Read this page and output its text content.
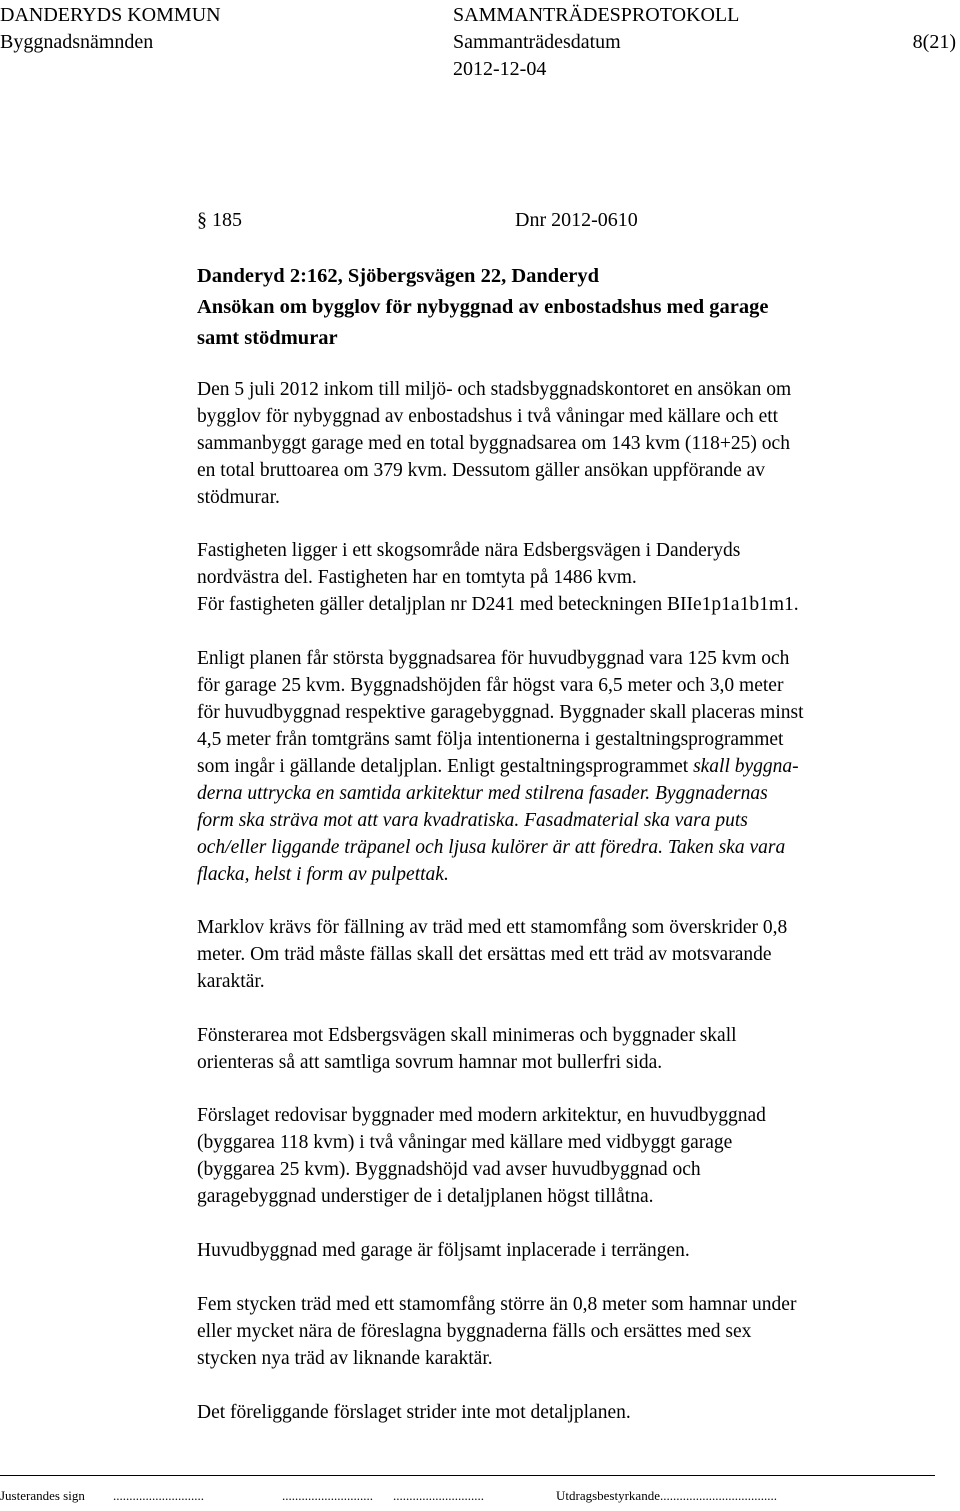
DANDERYDS KOMMUN
Byggnadsnämnden
SAMMANTRÄDESPROTOKOLL
Sammanträdesdatum
2012-12-04
8(21)
§ 185	Dnr 2012-0610
Danderyd 2:162, Sjöbergsvägen 22, Danderyd
Ansökan om bygglov för nybyggnad av enbostadshus med garage
samt stödmurar
Den 5 juli 2012 inkom till miljö- och stadsbyggnadskontoret en ansökan om
bygglov för nybyggnad av enbostadshus i två våningar med källare och ett
sammanbyggt garage med en total byggnadsarea om 143 kvm (118+25) och
en total bruttoarea om 379 kvm. Dessutom gäller ansökan uppförande av
stödmurar.
Fastigheten ligger i ett skogsområde nära Edsbergsvägen i Danderyds
nordvästra del. Fastigheten har en tomtyta på 1486 kvm.
För fastigheten gäller detaljplan nr D241 med beteckningen BIIe1p1a1b1m1.
Enligt planen får största byggnadsarea för huvudbyggnad vara 125 kvm och
för garage 25 kvm. Byggnadshöjden får högst vara 6,5 meter och 3,0 meter
för huvudbyggnad respektive garagebyggnad. Byggnader skall placeras minst
4,5 meter från tomtgräns samt följa intentionerna i gestaltningsprogrammet
som ingår i gällande detaljplan. Enligt gestaltningsprogrammet skall byggna-
derna uttrycka en samtida arkitektur med stilrena fasader. Byggnadernas
form ska sträva mot att vara kvadratiska. Fasadmaterial ska vara puts
och/eller liggande träpanel och ljusa kulörer är att föredra. Taken ska vara
flacka, helst i form av pulpettak.
Marklov krävs för fällning av träd med ett stamomfång som överskrider 0,8
meter. Om träd måste fällas skall det ersättas med ett träd av motsvarande
karaktär.
Fönsterarea mot Edsbergsvägen skall minimeras och byggnader skall
orienteras så att samtliga sovrum hamnar mot bullerfri sida.
Förslaget redovisar byggnader med modern arkitektur, en huvudbyggnad
(byggarea 118 kvm) i två våningar med källare med vidbyggt garage
(byggarea 25 kvm). Byggnadshöjd vad avser huvudbyggnad och
garagebyggnad understiger de i detaljplanen högst tillåtna.
Huvudbyggnad med garage är följsamt inplacerade i terrängen.
Fem stycken träd med ett stamomfång större än 0,8 meter som hamnar under
eller mycket nära de föreslagna byggnaderna fälls och ersättes med sex
stycken nya träd av liknande karaktär.
Det föreliggande förslaget strider inte mot detaljplanen.
Justerandes sign ............................	............................ ............................	Utdragsbestyrkande....................................
